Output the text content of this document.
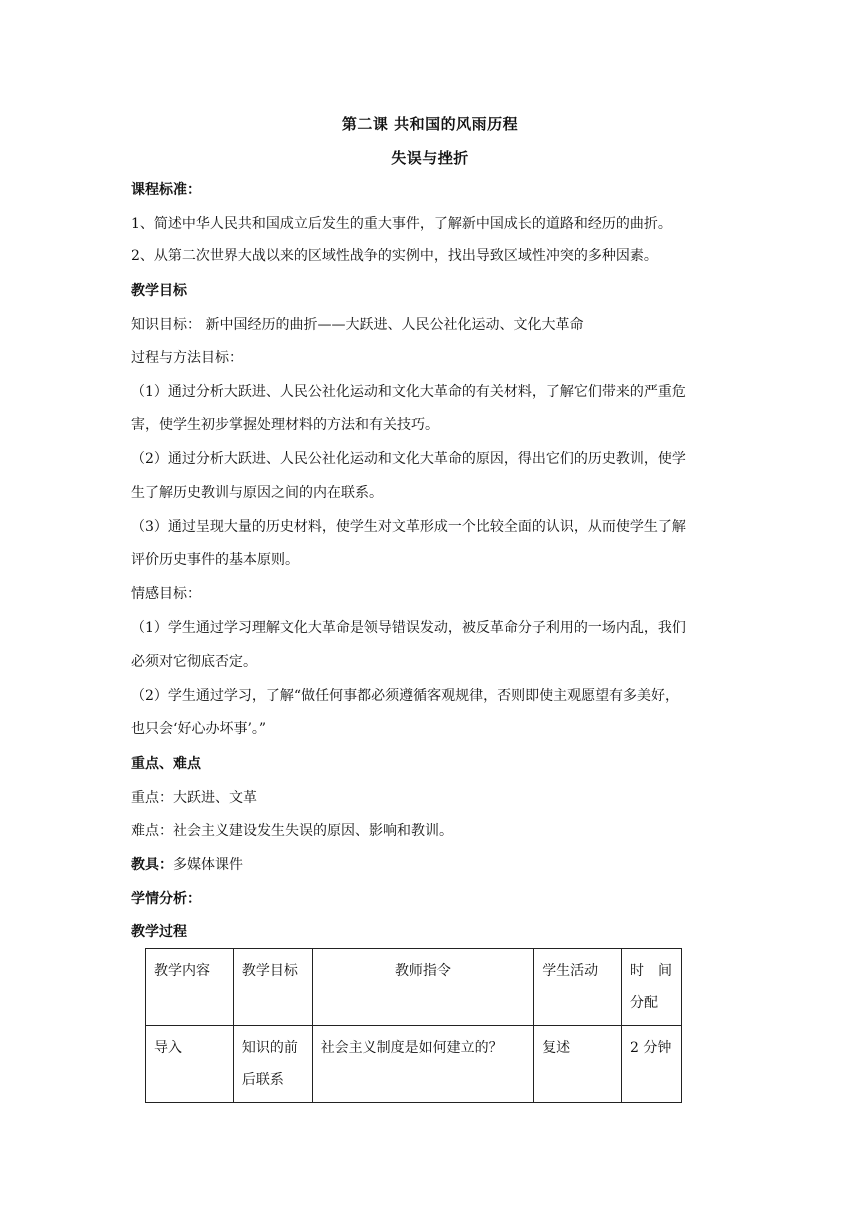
第二课 共和国的风雨历程
失误与挫折
课程标准：
1、简述中华人民共和国成立后发生的重大事件，了解新中国成长的道路和经历的曲折。
2、从第二次世界大战以来的区域性战争的实例中，找出导致区域性冲突的多种因素。
教学目标
知识目标： 新中国经历的曲折——大跃进、人民公社化运动、文化大革命
过程与方法目标：
（1）通过分析大跃进、人民公社化运动和文化大革命的有关材料，了解它们带来的严重危
害，使学生初步掌握处理材料的方法和有关技巧。
（2）通过分析大跃进、人民公社化运动和文化大革命的原因，得出它们的历史教训，使学
生了解历史教训与原因之间的内在联系。
（3）通过呈现大量的历史材料，使学生对文革形成一个比较全面的认识，从而使学生了解
评价历史事件的基本原则。
情感目标：
（1）学生通过学习理解文化大革命是领导错误发动，被反革命分子利用的一场内乱，我们
必须对它彻底否定。
（2）学生通过学习，了解“做任何事都必须遵循客观规律，否则即使主观愿望有多美好，
也只会‘好心办坏事’。”
重点、难点
重点：大跃进、文革
难点：社会主义建设发生失误的原因、影响和教训。
教具：多媒体课件
学情分析：
教学过程
教学内容	教学目标	教师指令	学生活动	时　间分配
导入	知识的前后联系	社会主义制度是如何建立的？	复述	2 分钟
